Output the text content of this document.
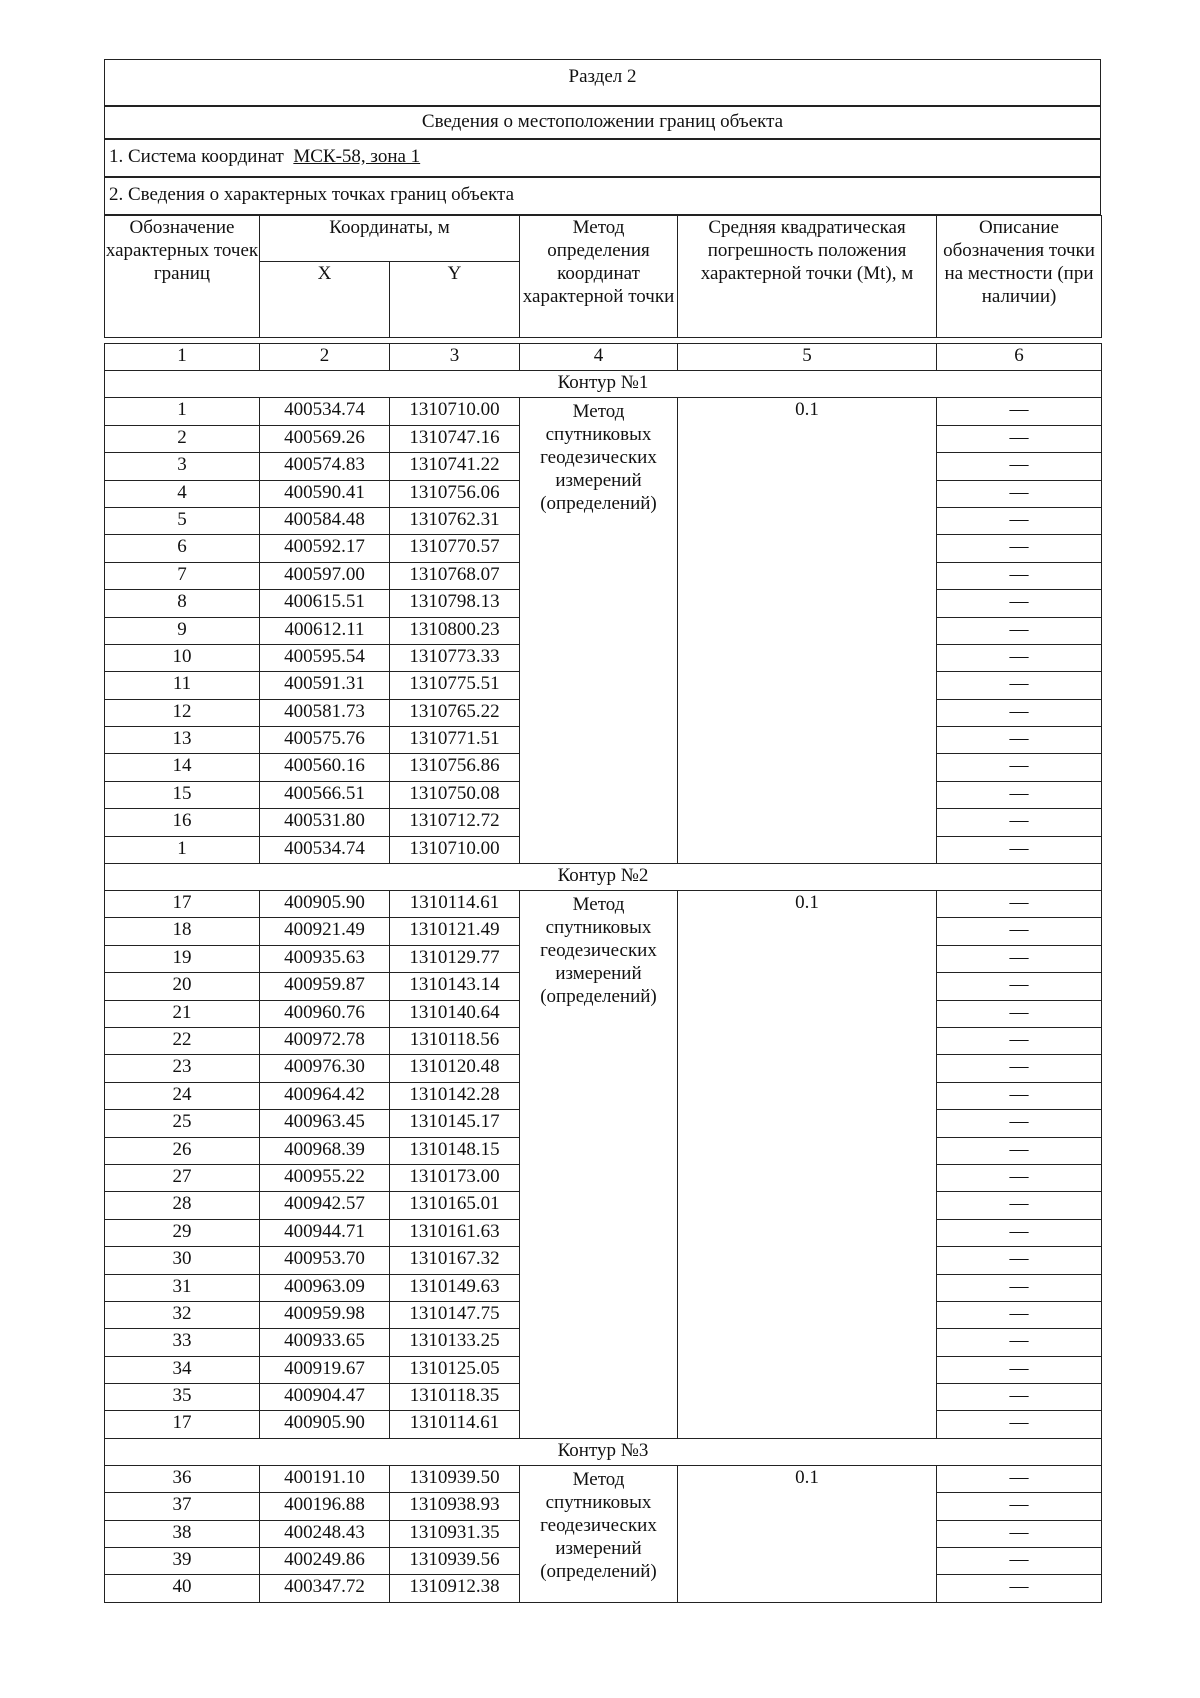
Раздел 2
Сведения о местоположении границ объекта
1. Система координат МСК-58, зона 1
2. Сведения о характерных точках границ объекта
Обозначение характерных точек границ	Координаты, м		Метод определения координат характерной точки	Средняя квадратическая погрешность положения характерной точки (Mt), м	Описание обозначения точки на местности (при наличии)
	X	Y			
1	2	3	4	5	6
Контур №1					
1	400534.74	1310710.00	Метод спутниковых геодезических измерений (определений)	0.1	—
2	400569.26	1310747.16			—
3	400574.83	1310741.22			—
4	400590.41	1310756.06			—
5	400584.48	1310762.31			—
6	400592.17	1310770.57			—
7	400597.00	1310768.07			—
8	400615.51	1310798.13			—
9	400612.11	1310800.23			—
10	400595.54	1310773.33			—
11	400591.31	1310775.51			—
12	400581.73	1310765.22			—
13	400575.76	1310771.51			—
14	400560.16	1310756.86			—
15	400566.51	1310750.08			—
16	400531.80	1310712.72			—
1	400534.74	1310710.00			—
Контур №2					
17	400905.90	1310114.61	Метод спутниковых геодезических измерений (определений)	0.1	—
18	400921.49	1310121.49			—
19	400935.63	1310129.77			—
20	400959.87	1310143.14			—
21	400960.76	1310140.64			—
22	400972.78	1310118.56			—
23	400976.30	1310120.48			—
24	400964.42	1310142.28			—
25	400963.45	1310145.17			—
26	400968.39	1310148.15			—
27	400955.22	1310173.00			—
28	400942.57	1310165.01			—
29	400944.71	1310161.63			—
30	400953.70	1310167.32			—
31	400963.09	1310149.63			—
32	400959.98	1310147.75			—
33	400933.65	1310133.25			—
34	400919.67	1310125.05			—
35	400904.47	1310118.35			—
17	400905.90	1310114.61			—
Контур №3					
36	400191.10	1310939.50	Метод спутниковых геодезических измерений (определений)	0.1	—
37	400196.88	1310938.93			—
38	400248.43	1310931.35			—
39	400249.86	1310939.56			—
40	400347.72	1310912.38			—
